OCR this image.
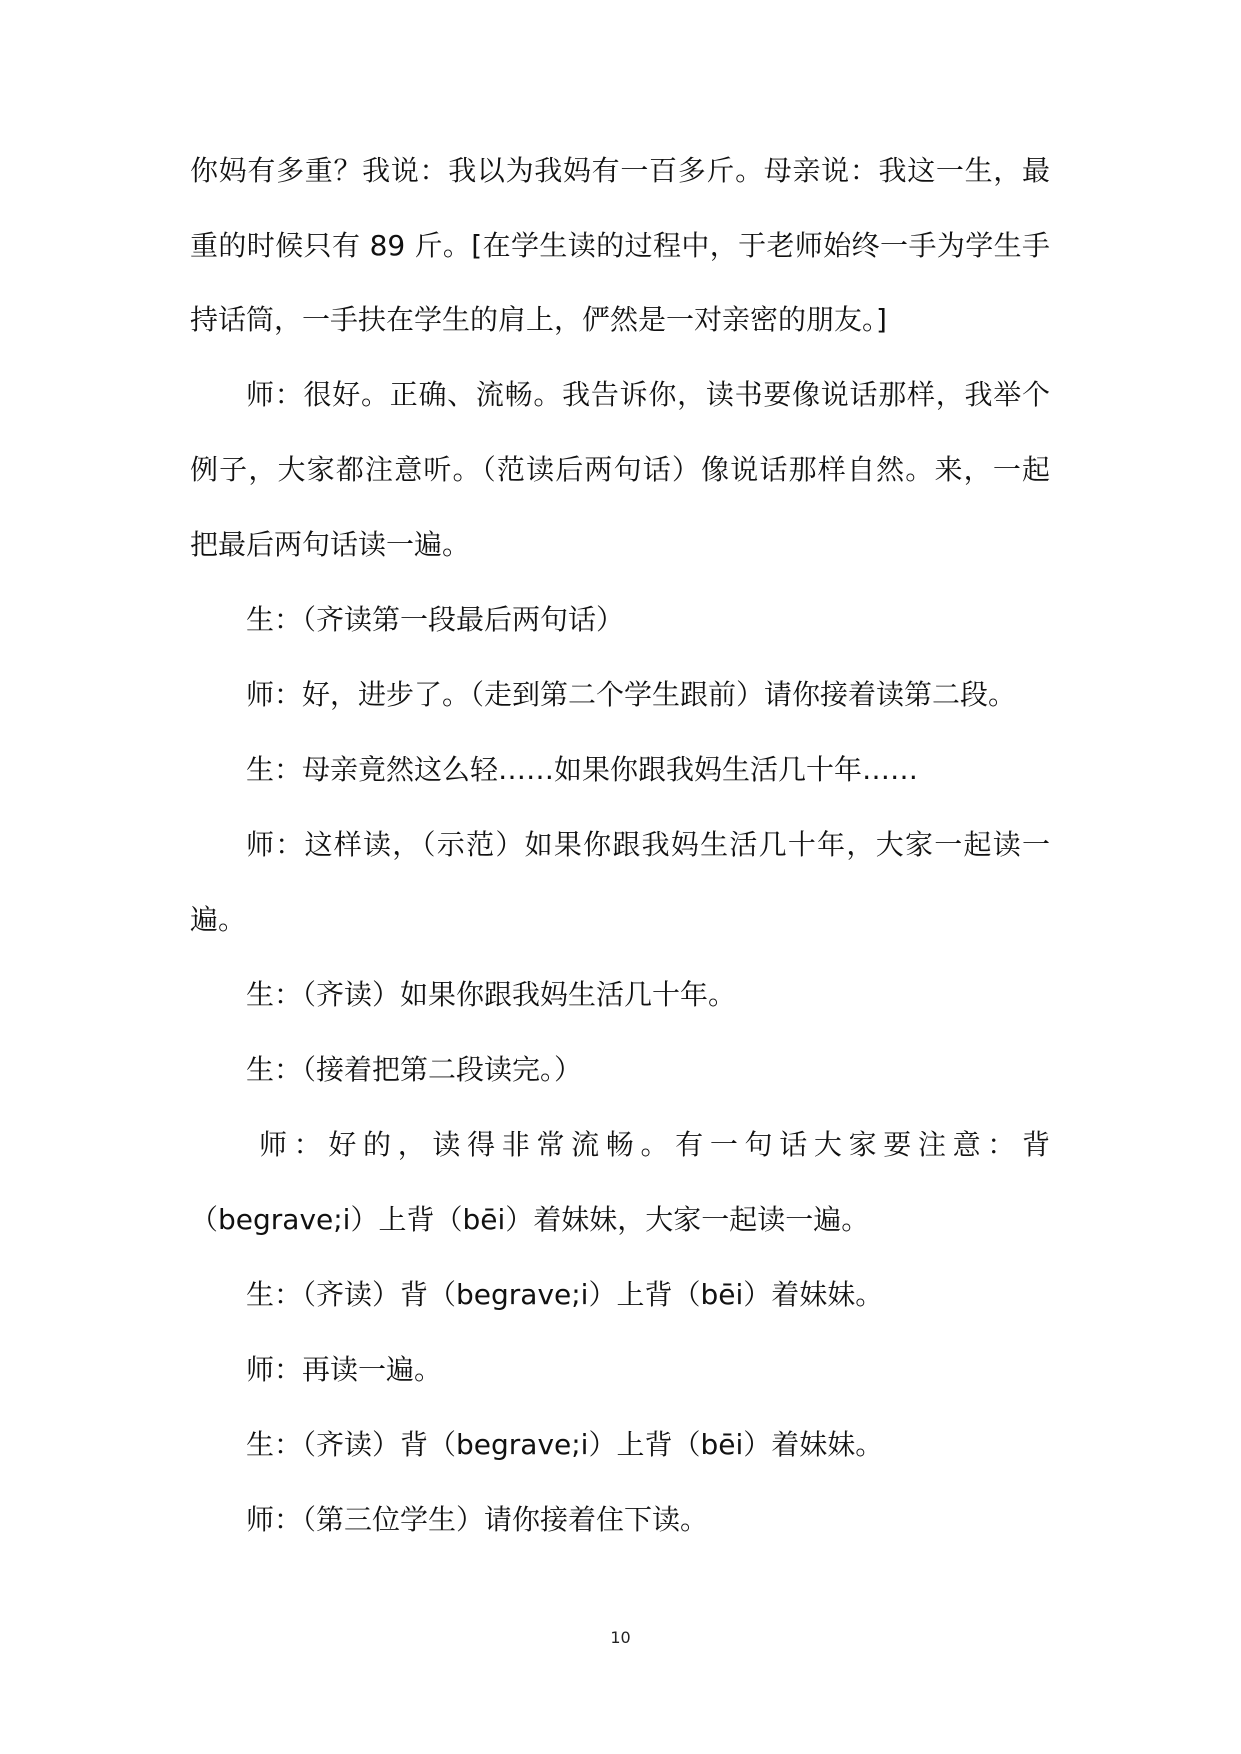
你妈有多重？我说：我以为我妈有一百多斤。母亲说：我这一生，最
重的时候只有 89 斤。[在学生读的过程中，于老师始终一手为学生手
持话筒，一手扶在学生的肩上，俨然是一对亲密的朋友。]
师：很好。正确、流畅。我告诉你，读书要像说话那样，我举个
例子，大家都注意听。（范读后两句话）像说话那样自然。来，一起
把最后两句话读一遍。
生：（齐读第一段最后两句话）
师：好，进步了。（走到第二个学生跟前）请你接着读第二段。
生：母亲竟然这么轻……如果你跟我妈生活几十年……
师：这样读，（示范）如果你跟我妈生活几十年，大家一起读一
遍。
生：（齐读）如果你跟我妈生活几十年。
生：（接着把第二段读完。）
师：好的，读得非常流畅。有一句话大家要注意：背
（begrave;i）上背（bēi）着妹妹，大家一起读一遍。
生：（齐读）背（begrave;i）上背（bēi）着妹妹。
师：再读一遍。
生：（齐读）背（begrave;i）上背（bēi）着妹妹。
师：（第三位学生）请你接着住下读。
10
